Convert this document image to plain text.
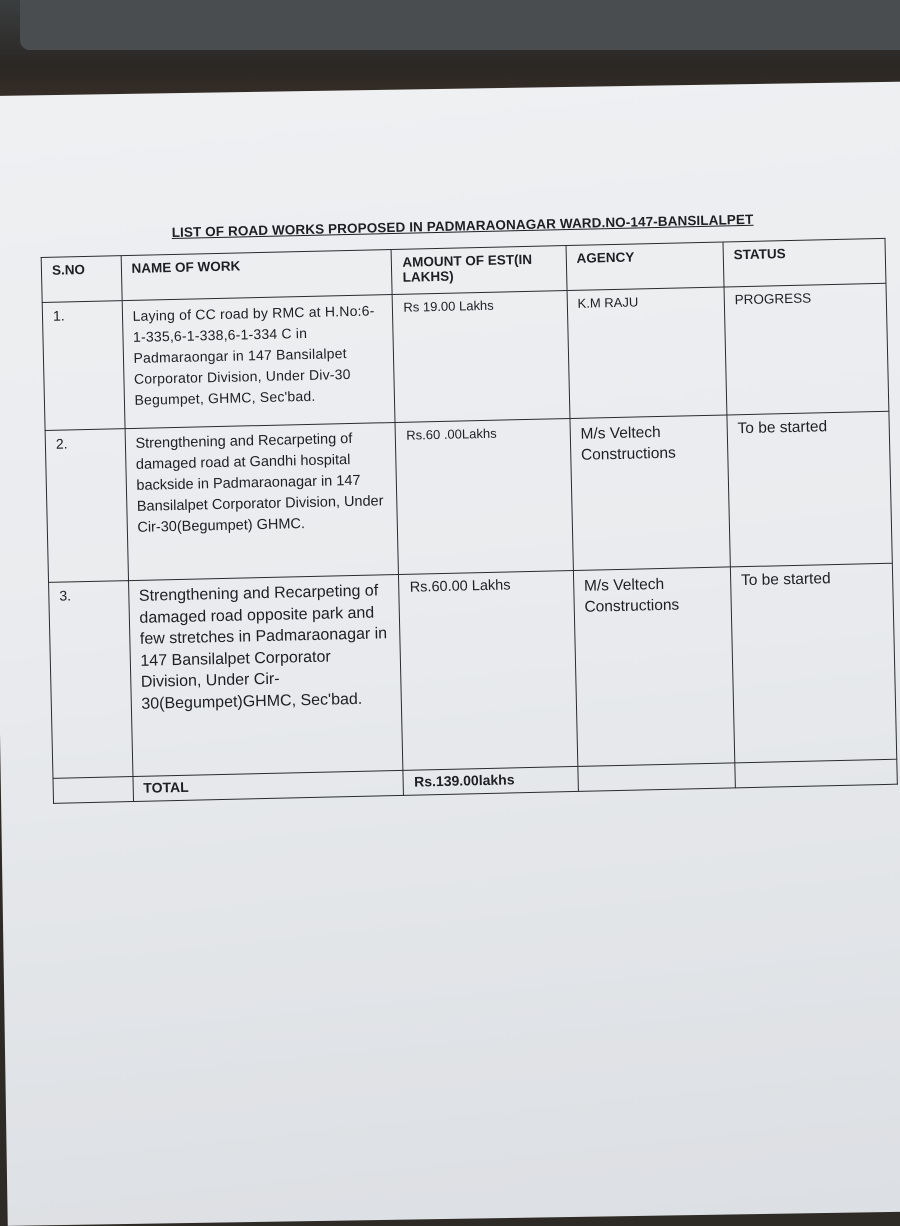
LIST OF ROAD WORKS PROPOSED IN PADMARAONAGAR WARD.NO-147-BANSILALPET
S.NO	NAME OF WORK	AMOUNT OF EST(IN LAKHS)	AGENCY	STATUS
1.	Laying of CC road by RMC at H.No:6-1-335,6-1-338,6-1-334 C in Padmaraongar in 147 Bansilalpet Corporator Division, Under Div-30 Begumpet, GHMC, Sec'bad.	Rs 19.00 Lakhs	K.M RAJU	PROGRESS
2.	Strengthening and Recarpeting of damaged road at Gandhi hospital backside in Padmaraonagar in 147 Bansilalpet Corporator Division, Under Cir-30(Begumpet) GHMC.	Rs.60 .00Lakhs	M/s Veltech Constructions	To be started
3.	Strengthening and Recarpeting of damaged road opposite park and few stretches in Padmaraonagar in 147 Bansilalpet Corporator Division, Under Cir-30(Begumpet)GHMC, Sec'bad.	Rs.60.00 Lakhs	M/s Veltech Constructions	To be started
	TOTAL	Rs.139.00lakhs		
